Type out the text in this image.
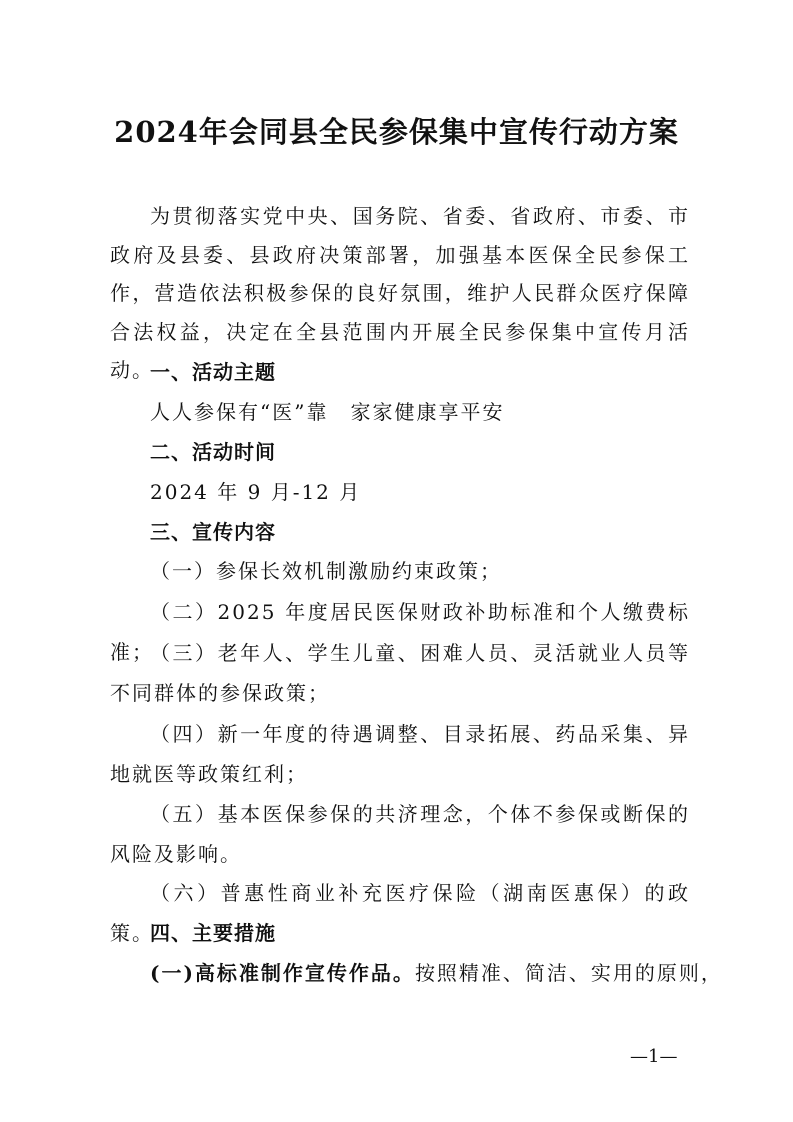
2024年会同县全民参保集中宣传行动方案

为贯彻落实党中央、国务院、省委、省政府、市委、市政府及县委、县政府决策部署，加强基本医保全民参保工作，营造依法积极参保的良好氛围，维护人民群众医疗保障合法权益，决定在全县范围内开展全民参保集中宣传月活动。

一、活动主题
人人参保有“医”靠　家家健康享平安
二、活动时间
2024 年 9 月-12 月
三、宣传内容

（一）参保长效机制激励约束政策；

（二）2025 年度居民医保财政补助标准和个人缴费标准；

（三）老年人、学生儿童、困难人员、灵活就业人员等不同群体的参保政策；

（四）新一年度的待遇调整、目录拓展、药品采集、异地就医等政策红利；

（五）基本医保参保的共济理念，个体不参保或断保的风险及影响。

（六）普惠性商业补充医疗保险（湖南医惠保）的政策。

四、主要措施
(一)高标准制作宣传作品。按照精准、简洁、实用的原则，
—1—
